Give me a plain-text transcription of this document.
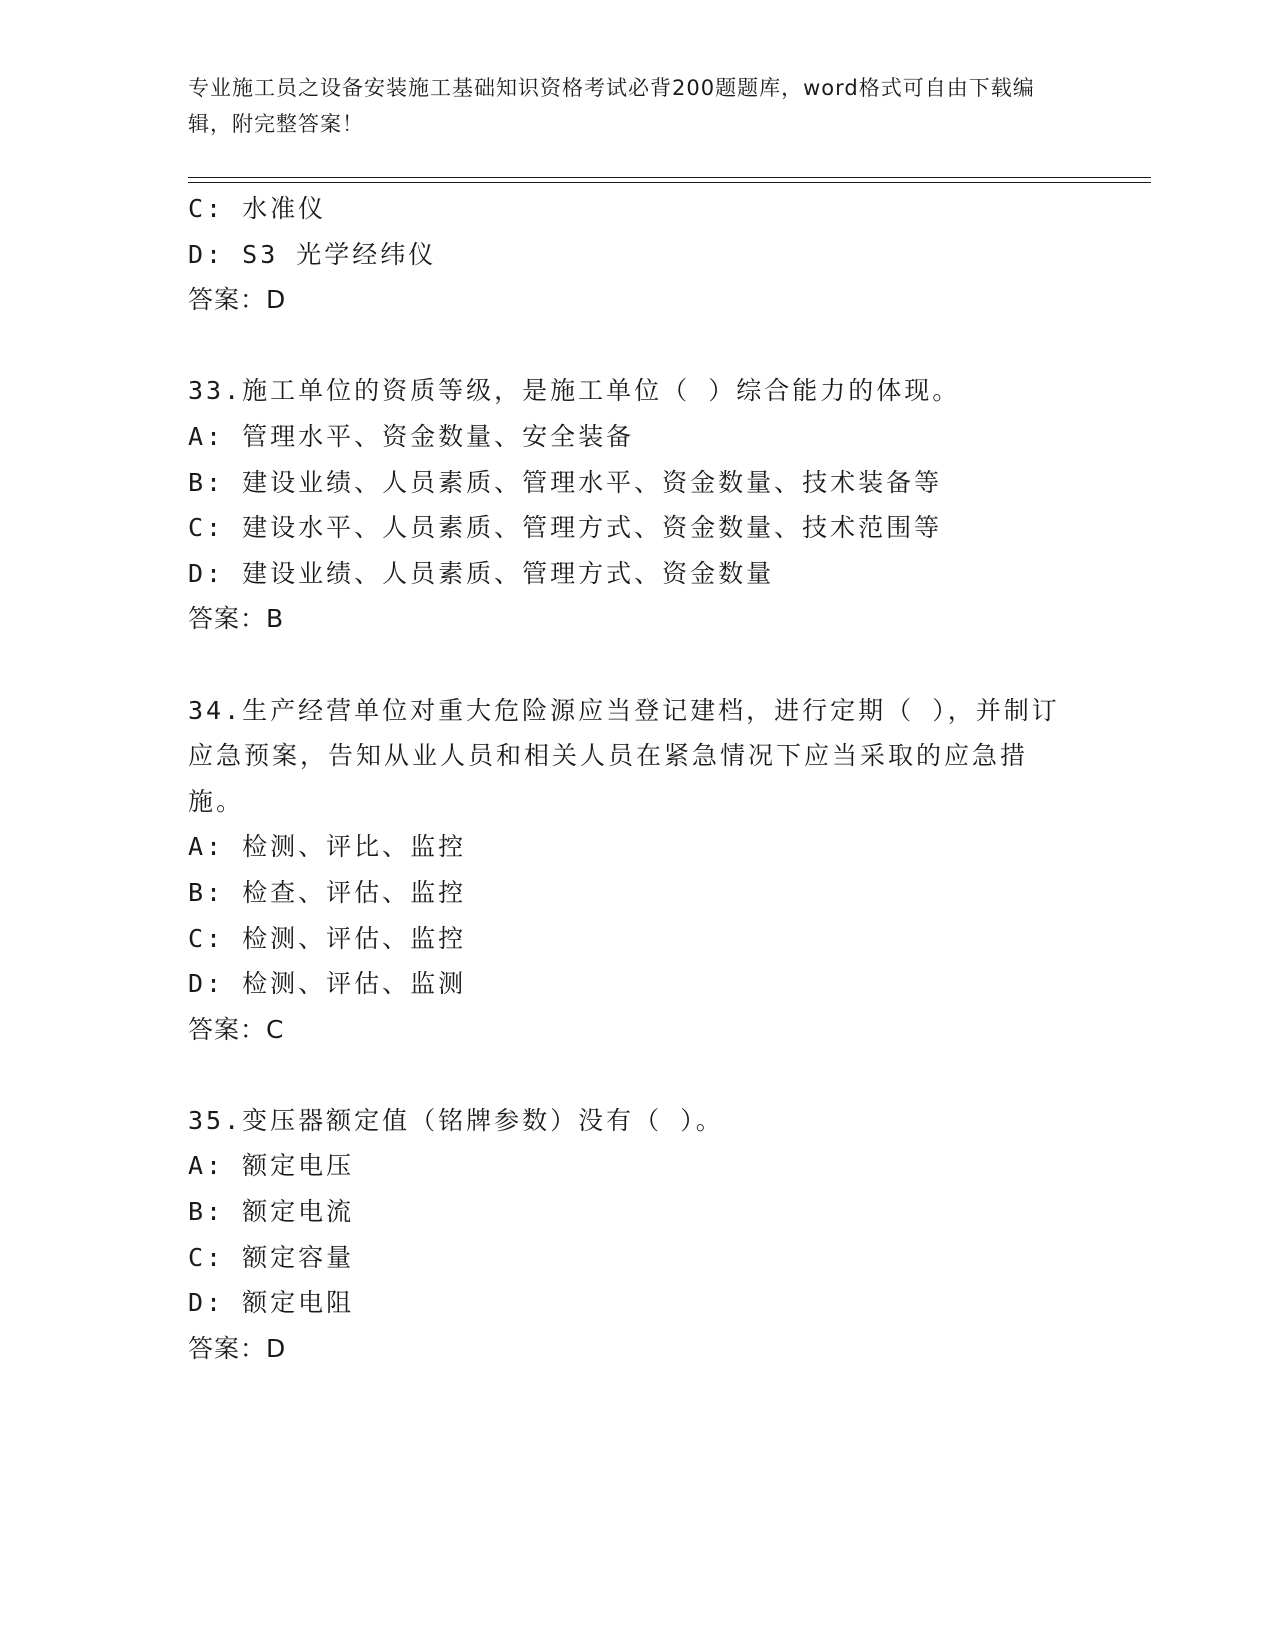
专业施工员之设备安装施工基础知识资格考试必背200题题库，word格式可自由下载编辑，附完整答案！
C: 水准仪
D: S3 光学经纬仪
答案：D
33.施工单位的资质等级，是施工单位（ ）综合能力的体现。
A: 管理水平、资金数量、安全装备
B: 建设业绩、人员素质、管理水平、资金数量、技术装备等
C: 建设水平、人员素质、管理方式、资金数量、技术范围等
D: 建设业绩、人员素质、管理方式、资金数量
答案：B
34.生产经营单位对重大危险源应当登记建档，进行定期（ ），并制订应急预案，告知从业人员和相关人员在紧急情况下应当采取的应急措施。
A: 检测、评比、监控
B: 检查、评估、监控
C: 检测、评估、监控
D: 检测、评估、监测
答案：C
35.变压器额定值（铭牌参数）没有（ ）。
A: 额定电压
B: 额定电流
C: 额定容量
D: 额定电阻
答案：D
